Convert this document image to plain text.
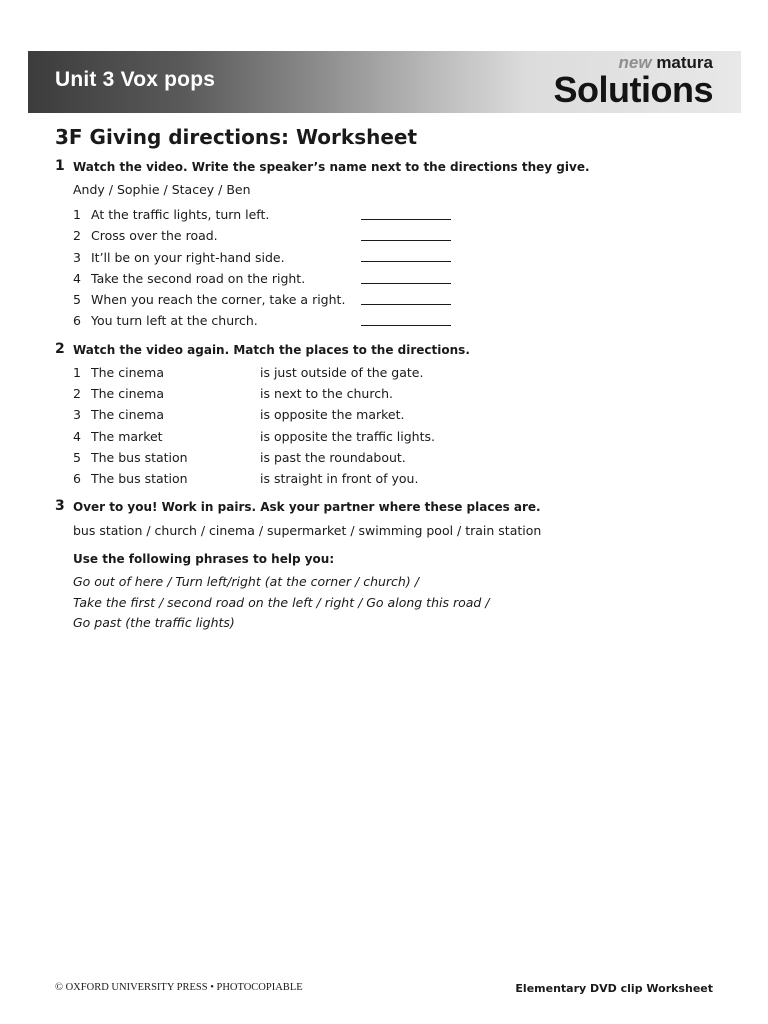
Unit 3 Vox pops
new matura
Solutions
3F Giving directions: Worksheet
1 Watch the video. Write the speaker’s name next to the directions they give.
Andy / Sophie / Stacey / Ben
1 At the traffic lights, turn left.
2 Cross over the road.
3 It’ll be on your right-hand side.
4 Take the second road on the right.
5 When you reach the corner, take a right.
6 You turn left at the church.
2 Watch the video again. Match the places to the directions.
1 The cinema	is just outside of the gate.
2 The cinema	is next to the church.
3 The cinema	is opposite the market.
4 The market	is opposite the traffic lights.
5 The bus station	is past the roundabout.
6 The bus station	is straight in front of you.
3 Over to you! Work in pairs. Ask your partner where these places are.
bus station / church / cinema / supermarket / swimming pool / train station
Use the following phrases to help you:
Go out of here / Turn left/right (at the corner / church) /
Take the first / second road on the left / right / Go along this road /
Go past (the traffic lights)
© OXFORD UNIVERSITY PRESS • PHOTOCOPIABLE	Elementary DVD clip Worksheet
